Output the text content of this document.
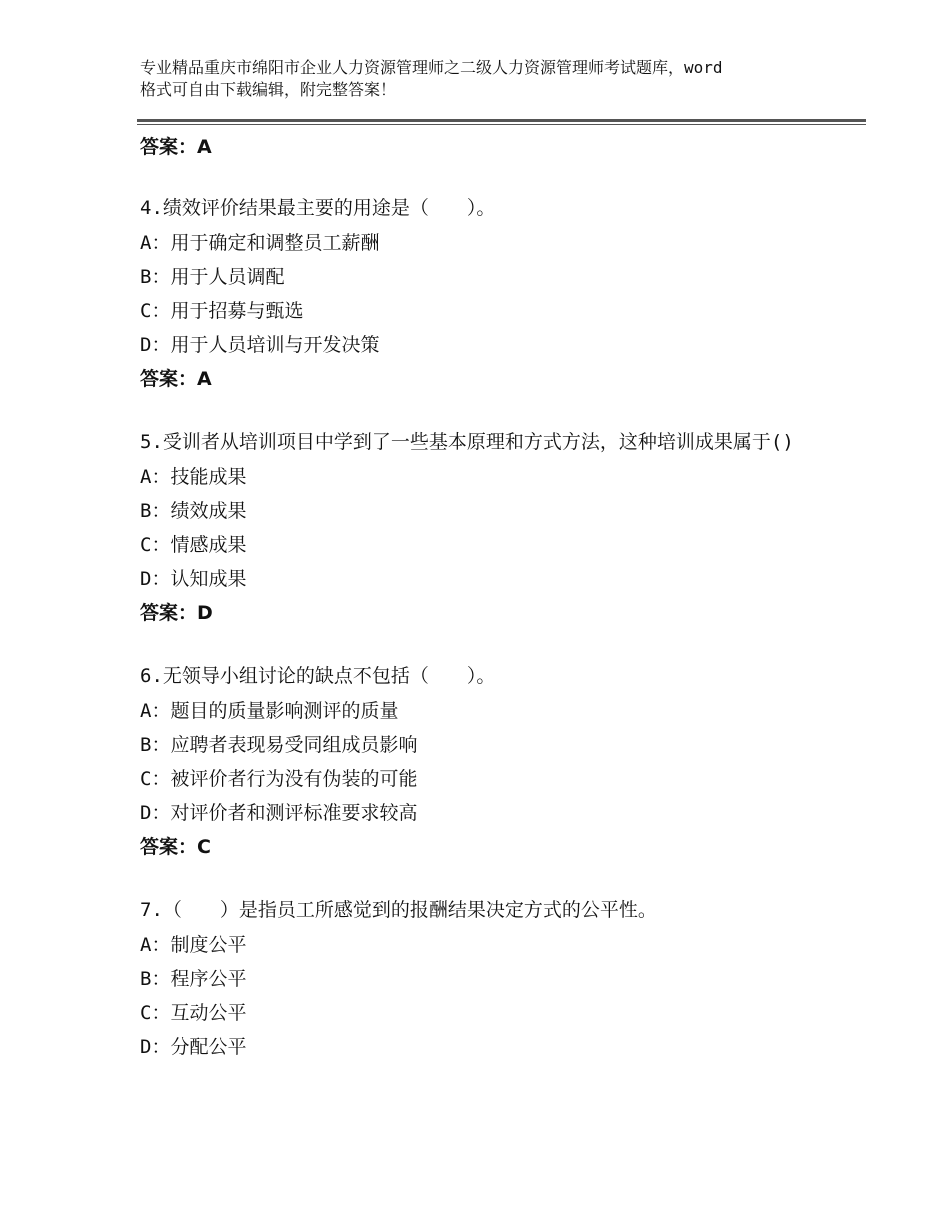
专业精品重庆市绵阳市企业人力资源管理师之二级人力资源管理师考试题库，word
格式可自由下载编辑，附完整答案！
答案：A
4.绩效评价结果最主要的用途是（　　）。
A：用于确定和调整员工薪酬
B：用于人员调配
C：用于招募与甄选
D：用于人员培训与开发决策
答案：A
5.受训者从培训项目中学到了一些基本原理和方式方法，这种培训成果属于()
A：技能成果
B：绩效成果
C：情感成果
D：认知成果
答案：D
6.无领导小组讨论的缺点不包括（　　）。
A：题目的质量影响测评的质量
B：应聘者表现易受同组成员影响
C：被评价者行为没有伪装的可能
D：对评价者和测评标准要求较高
答案：C
7.（　　）是指员工所感觉到的报酬结果决定方式的公平性。
A：制度公平
B：程序公平
C：互动公平
D：分配公平
